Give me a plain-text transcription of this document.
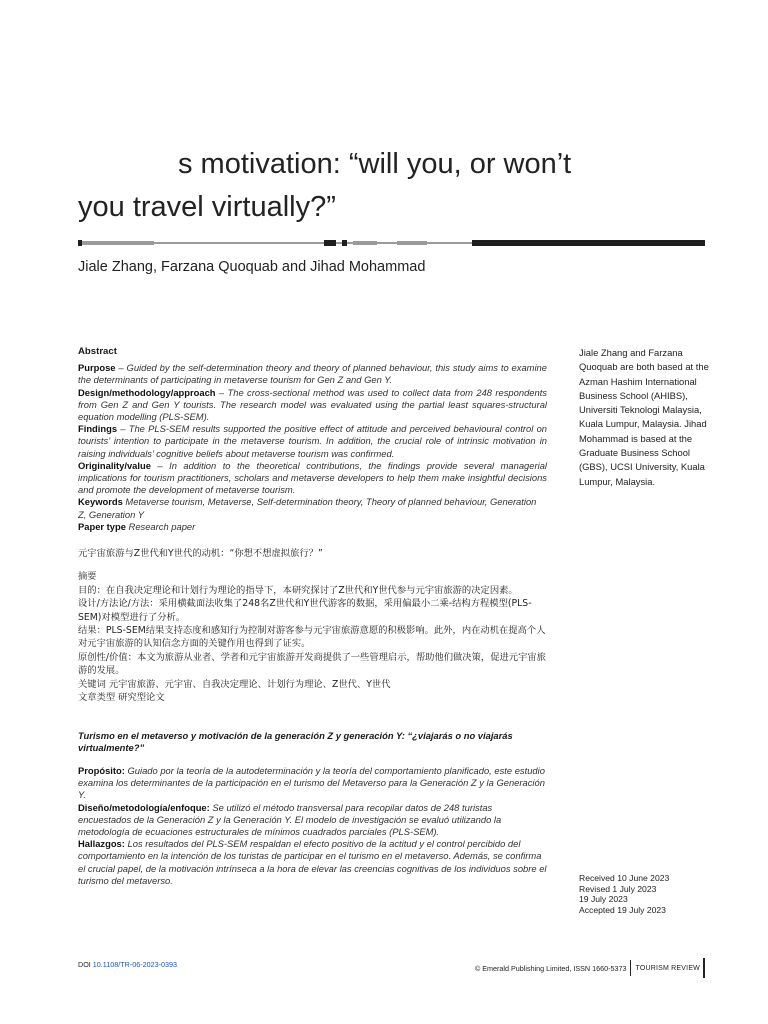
s motivation: “will you, or won’t
you travel virtually?”
Jiale Zhang, Farzana Quoquab and Jihad Mohammad

Abstract

Purpose – Guided by the self-determination theory and theory of planned behaviour, this study aims to examine the determinants of participating in metaverse tourism for Gen Z and Gen Y.

Design/methodology/approach – The cross-sectional method was used to collect data from 248 respondents from Gen Z and Gen Y tourists. The research model was evaluated using the partial least squares-structural equation modelling (PLS-SEM).

Findings – The PLS-SEM results supported the positive effect of attitude and perceived behavioural control on tourists’ intention to participate in the metaverse tourism. In addition, the crucial role of intrinsic motivation in raising individuals’ cognitive beliefs about metaverse tourism was confirmed.

Originality/value – In addition to the theoretical contributions, the findings provide several managerial implications for tourism practitioners, scholars and metaverse developers to help them make insightful decisions and promote the development of metaverse tourism.

Keywords Metaverse tourism, Metaverse, Self-determination theory, Theory of planned behaviour, Generation Z, Generation Y

Paper type Research paper

元宇宙旅游与Z世代和Y世代的动机：“你想不想虚拟旅行？”

摘要

目的：在自我决定理论和计划行为理论的指导下，本研究探讨了Z世代和Y世代参与元宇宙旅游的决定因素。

设计/方法论/方法：采用横截面法收集了248名Z世代和Y世代游客的数据，采用偏最小二乘-结构方程模型(PLS-SEM)对模型进行了分析。

结果：PLS-SEM结果支持态度和感知行为控制对游客参与元宇宙旅游意愿的积极影响。此外，内在动机在提高个人对元宇宙旅游的认知信念方面的关键作用也得到了证实。

原创性/价值：本文为旅游从业者、学者和元宇宙旅游开发商提供了一些管理启示，帮助他们做决策，促进元宇宙旅游的发展。

关键词 元宇宙旅游、元宇宙、自我决定理论、计划行为理论、Z世代、Y世代

文章类型 研究型论文

Turismo en el metaverso y motivación de la generación Z y generación Y: “¿viajarás o no viajarás virtualmente?”

Propósito: Guiado por la teoría de la autodeterminación y la teoría del comportamiento planificado, este estudio examina los determinantes de la participación en el turismo del Metaverso para la Generación Z y la Generación Y.

Diseño/metodología/enfoque: Se utilizó el método transversal para recopilar datos de 248 turistas encuestados de la Generación Z y la Generación Y. El modelo de investigación se evaluó utilizando la metodología de ecuaciones estructurales de mínimos cuadrados parciales (PLS-SEM).

Hallazgos: Los resultados del PLS-SEM respaldan el efecto positivo de la actitud y el control percibido del comportamiento en la intención de los turistas de participar en el turismo en el metaverso. Además, se confirma el crucial papel, de la motivación intrínseca a la hora de elevar las creencias cognitivas de los individuos sobre el turismo del metaverso.

Jiale Zhang and Farzana Quoquab are both based at the Azman Hashim International Business School (AHIBS), Universiti Teknologi Malaysia, Kuala Lumpur, Malaysia. Jihad Mohammad is based at the Graduate Business School (GBS), UCSI University, Kuala Lumpur, Malaysia.
Received 10 June 2023
Revised 1 July 2023
19 July 2023
Accepted 19 July 2023
DOI 10.1108/TR-06-2023-0393	© Emerald Publishing Limited, ISSN 1660-5373 TOURISM REVIEW
